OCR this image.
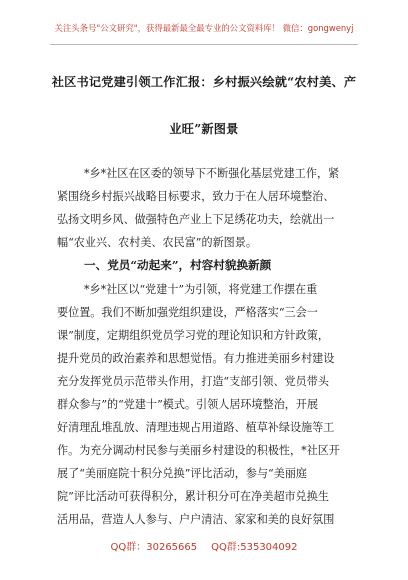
关注头条号"公文研究"，获得最新最全最专业的公文资料库！ 微信：gongwenyj
社区书记党建引领工作汇报：乡村振兴绘就“农村美、产
业旺”新图景
*乡*社区在区委的领导下不断强化基层党建工作，紧
紧围绕乡村振兴战略目标要求，致力于在人居环境整治、
弘扬文明乡风、做强特色产业上下足绣花功夫，绘就出一
幅“农业兴、农村美、农民富”的新图景。
一、党员“动起来”，村容村貌换新颜
*乡*社区以“党建十”为引领，将党建工作摆在重
要位置。我们不断加强党组织建设，严格落实“三会一
课”制度，定期组织党员学习党的理论知识和方针政策，
提升党员的政治素养和思想觉悟。有力推进美丽乡村建设
充分发挥党员示范带头作用，打造“支部引领、党员带头
群众参与”的“党建十”模式。引领人居环境整治，开展
好清理乱堆乱放、清理违规占用道路、植草补绿设施等工
作。为充分调动村民参与美丽乡村建设的积极性，*社区开
展了“美丽庭院十积分兑换”评比活动，参与“美丽庭
院”评比活动可获得积分，累计积分可在净美超市兑换生
活用品，营造人人参与、户户清洁、家家和美的良好氛围
QQ群：30265665 QQ群:535304092
